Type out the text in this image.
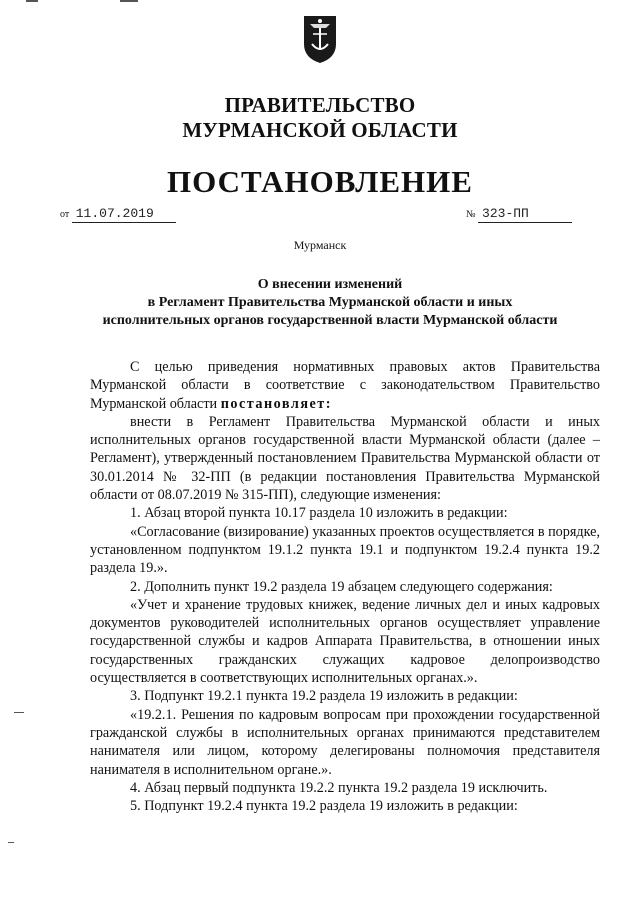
ПРАВИТЕЛЬСТВО
МУРМАНСКОЙ ОБЛАСТИ
ПОСТАНОВЛЕНИЕ
от 11.07.2019	№ 323-ПП
Мурманск
О внесении изменений
в Регламент Правительства Мурманской области и иных
исполнительных органов государственной власти Мурманской области

С целью приведения нормативных правовых актов Правительства Мурманской области в соответствие с законодательством Правительство Мурманской области постановляет:

внести в Регламент Правительства Мурманской области и иных исполнительных органов государственной власти Мурманской области (далее – Регламент), утвержденный постановлением Правительства Мурманской области от 30.01.2014 № 32-ПП (в редакции постановления Правительства Мурманской области от 08.07.2019 № 315-ПП), следующие изменения:

1. Абзац второй пункта 10.17 раздела 10 изложить в редакции:

«Согласование (визирование) указанных проектов осуществляется в порядке, установленном подпунктом 19.1.2 пункта 19.1 и подпунктом 19.2.4 пункта 19.2 раздела 19.».

2. Дополнить пункт 19.2 раздела 19 абзацем следующего содержания:

«Учет и хранение трудовых книжек, ведение личных дел и иных кадровых документов руководителей исполнительных органов осуществляет управление государственной службы и кадров Аппарата Правительства, в отношении иных государственных гражданских служащих кадровое делопроизводство осуществляется в соответствующих исполнительных органах.».

3. Подпункт 19.2.1 пункта 19.2 раздела 19 изложить в редакции:

«19.2.1. Решения по кадровым вопросам при прохождении государственной гражданской службы в исполнительных органах принимаются представителем нанимателя или лицом, которому делегированы полномочия представителя нанимателя в исполнительном органе.».

4. Абзац первый подпункта 19.2.2 пункта 19.2 раздела 19 исключить.

5. Подпункт 19.2.4 пункта 19.2 раздела 19 изложить в редакции:
